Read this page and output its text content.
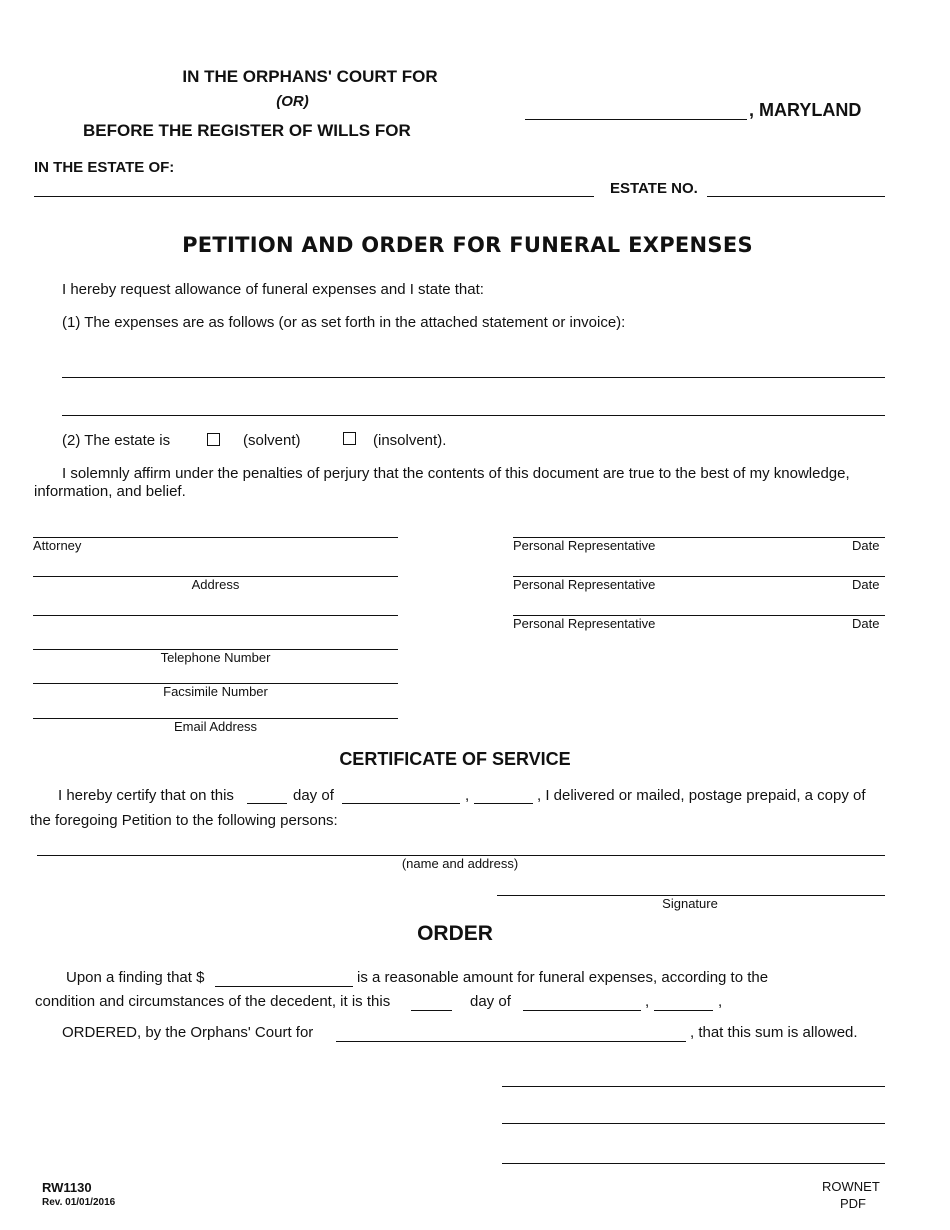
IN THE ORPHANS' COURT FOR
(OR)
BEFORE THE REGISTER OF WILLS FOR
, MARYLAND
IN THE ESTATE OF:
ESTATE NO.
PETITION AND ORDER FOR FUNERAL EXPENSES
I hereby request allowance of funeral expenses and I state that:
(1) The expenses are as follows (or as set forth in the attached statement or invoice):
(2) The estate is	(solvent)	(insolvent).
I solemnly affirm under the penalties of perjury that the contents of this document are true to the best of my knowledge,
information, and belief.
Attorney
Address
Telephone Number
Facsimile Number
Email Address
Personal Representative	Date
Personal Representative	Date
Personal Representative	Date
CERTIFICATE OF SERVICE
I hereby certify that on this	day of	,	, I delivered or mailed, postage prepaid, a copy of
the foregoing Petition to the following persons:
(name and address)
Signature
ORDER
Upon a finding that $	is a reasonable amount for funeral expenses, according to the
condition and circumstances of the decedent, it is this	day of	,	,
ORDERED, by the Orphans' Court for	, that this sum is allowed.
RW1130
Rev. 01/01/2016
ROWNET
PDF
